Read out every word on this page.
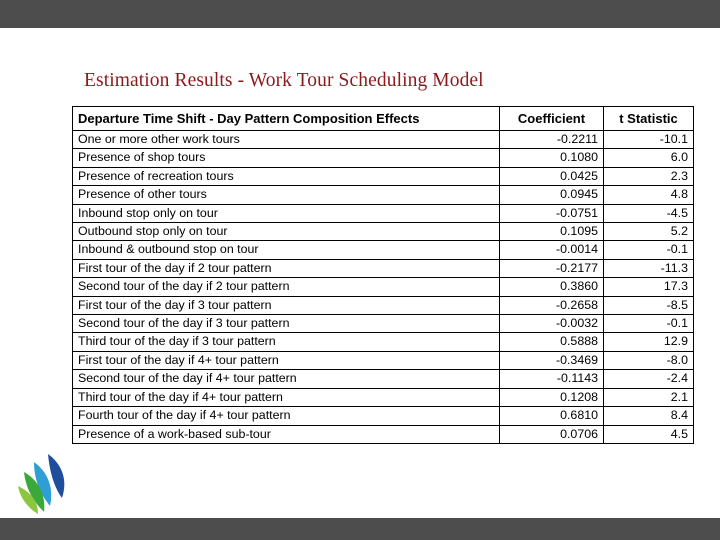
Estimation Results - Work Tour Scheduling Model
Departure Time Shift - Day Pattern Composition Effects	Coefficient	t Statistic
One or more other work tours	-0.2211	-10.1
Presence of shop tours	0.1080	6.0
Presence of recreation tours	0.0425	2.3
Presence of other tours	0.0945	4.8
Inbound stop only on tour	-0.0751	-4.5
Outbound stop only on tour	0.1095	5.2
Inbound & outbound stop on tour	-0.0014	-0.1
First tour of the day if 2 tour pattern	-0.2177	-11.3
Second tour of the day if 2 tour pattern	0.3860	17.3
First tour of the day if 3 tour pattern	-0.2658	-8.5
Second tour of the day if 3 tour pattern	-0.0032	-0.1
Third tour of the day if 3 tour pattern	0.5888	12.9
First tour of the day if 4+ tour pattern	-0.3469	-8.0
Second tour of the day if 4+ tour pattern	-0.1143	-2.4
Third tour of the day if 4+ tour pattern	0.1208	2.1
Fourth tour of the day if 4+ tour pattern	0.6810	8.4
Presence of a work-based sub-tour	0.0706	4.5
